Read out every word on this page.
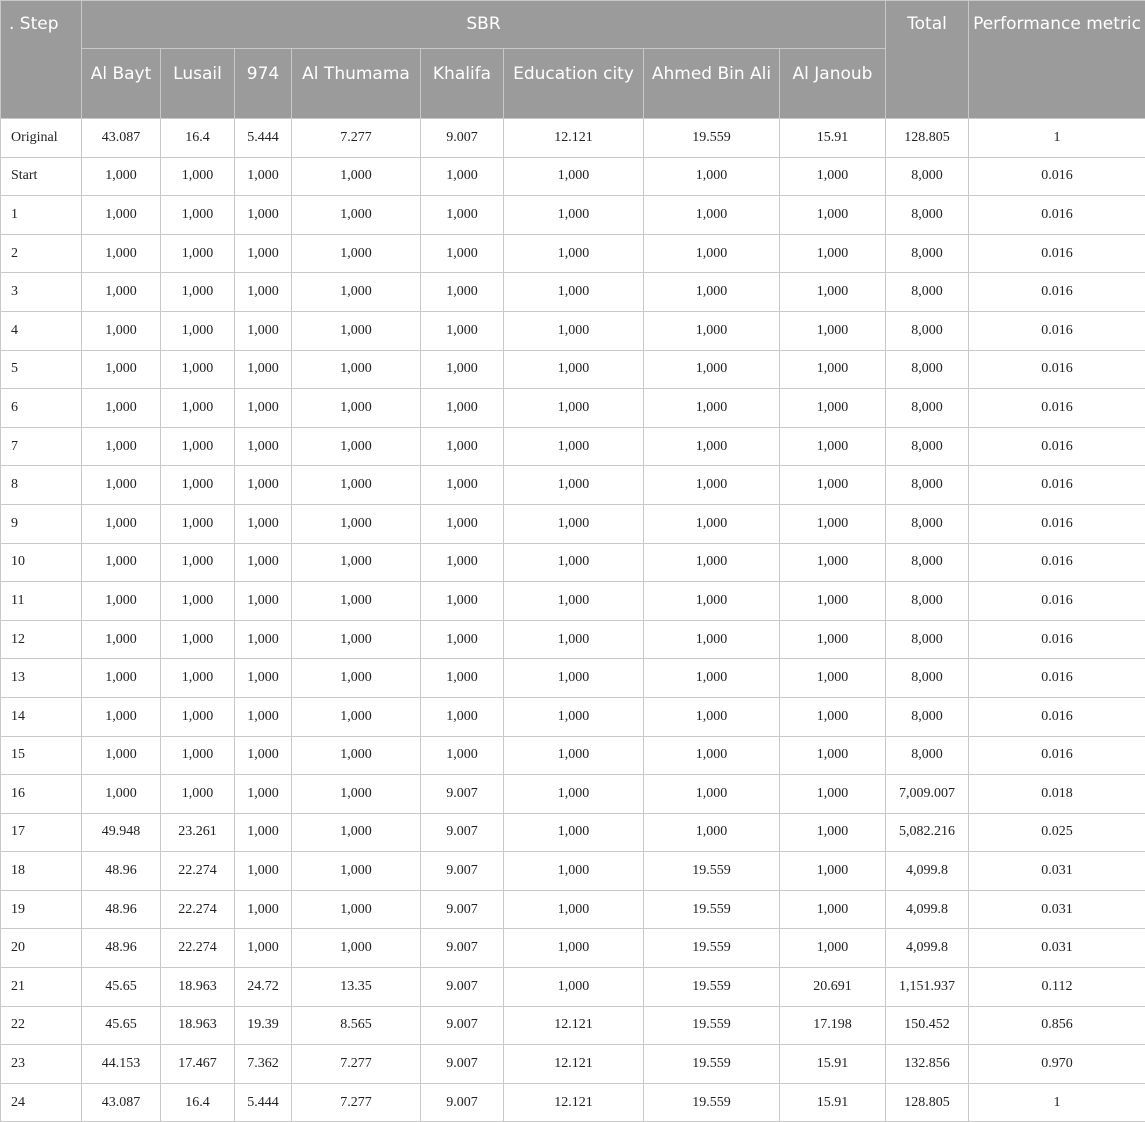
. Step	SBR								Total	Performance metric
	Al Bayt	Lusail	974	Al Thumama	Khalifa	Education city	Ahmed Bin Ali	Al Janoub		
Original	43.087	16.4	5.444	7.277	9.007	12.121	19.559	15.91	128.805	1
Start	1,000	1,000	1,000	1,000	1,000	1,000	1,000	1,000	8,000	0.016
1	1,000	1,000	1,000	1,000	1,000	1,000	1,000	1,000	8,000	0.016
2	1,000	1,000	1,000	1,000	1,000	1,000	1,000	1,000	8,000	0.016
3	1,000	1,000	1,000	1,000	1,000	1,000	1,000	1,000	8,000	0.016
4	1,000	1,000	1,000	1,000	1,000	1,000	1,000	1,000	8,000	0.016
5	1,000	1,000	1,000	1,000	1,000	1,000	1,000	1,000	8,000	0.016
6	1,000	1,000	1,000	1,000	1,000	1,000	1,000	1,000	8,000	0.016
7	1,000	1,000	1,000	1,000	1,000	1,000	1,000	1,000	8,000	0.016
8	1,000	1,000	1,000	1,000	1,000	1,000	1,000	1,000	8,000	0.016
9	1,000	1,000	1,000	1,000	1,000	1,000	1,000	1,000	8,000	0.016
10	1,000	1,000	1,000	1,000	1,000	1,000	1,000	1,000	8,000	0.016
11	1,000	1,000	1,000	1,000	1,000	1,000	1,000	1,000	8,000	0.016
12	1,000	1,000	1,000	1,000	1,000	1,000	1,000	1,000	8,000	0.016
13	1,000	1,000	1,000	1,000	1,000	1,000	1,000	1,000	8,000	0.016
14	1,000	1,000	1,000	1,000	1,000	1,000	1,000	1,000	8,000	0.016
15	1,000	1,000	1,000	1,000	1,000	1,000	1,000	1,000	8,000	0.016
16	1,000	1,000	1,000	1,000	9.007	1,000	1,000	1,000	7,009.007	0.018
17	49.948	23.261	1,000	1,000	9.007	1,000	1,000	1,000	5,082.216	0.025
18	48.96	22.274	1,000	1,000	9.007	1,000	19.559	1,000	4,099.8	0.031
19	48.96	22.274	1,000	1,000	9.007	1,000	19.559	1,000	4,099.8	0.031
20	48.96	22.274	1,000	1,000	9.007	1,000	19.559	1,000	4,099.8	0.031
21	45.65	18.963	24.72	13.35	9.007	1,000	19.559	20.691	1,151.937	0.112
22	45.65	18.963	19.39	8.565	9.007	12.121	19.559	17.198	150.452	0.856
23	44.153	17.467	7.362	7.277	9.007	12.121	19.559	15.91	132.856	0.970
24	43.087	16.4	5.444	7.277	9.007	12.121	19.559	15.91	128.805	1
